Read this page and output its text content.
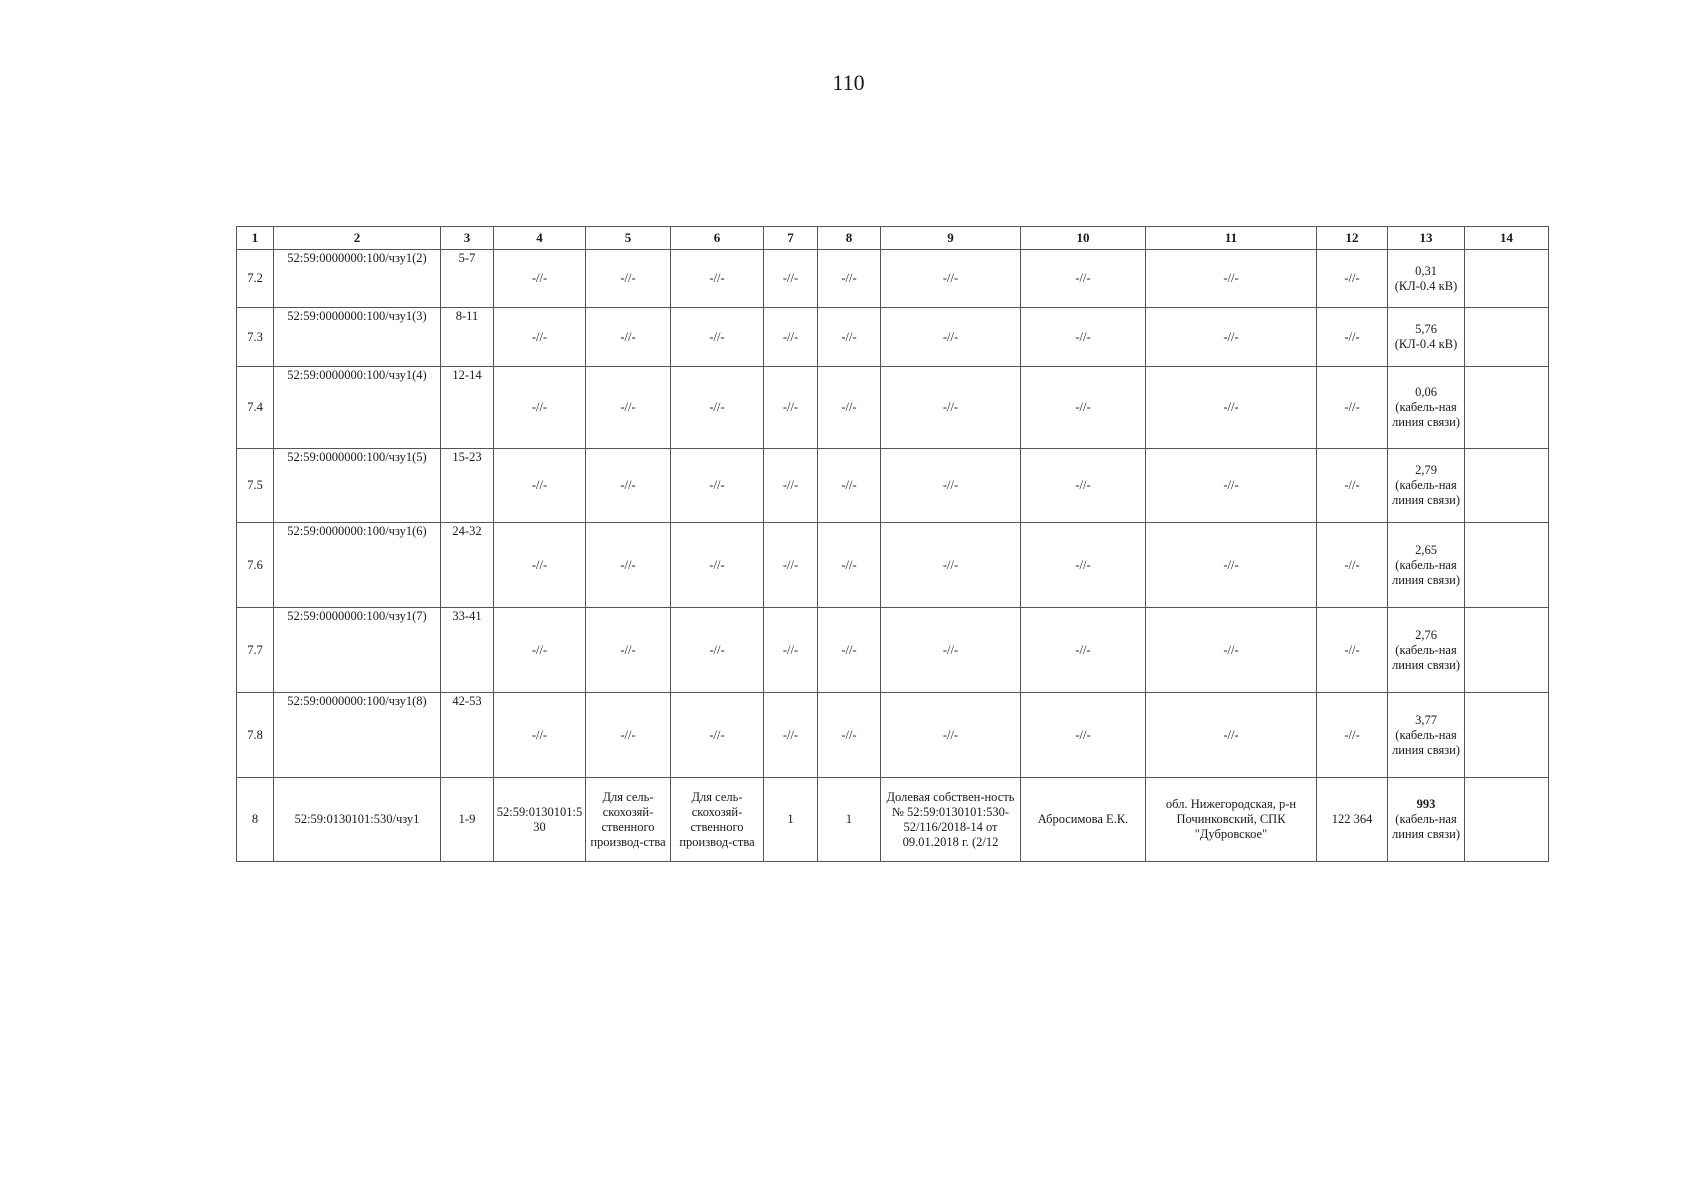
110
1	2	3	4	5	6	7	8	9	10	11	12	13	14
7.2	52:59:0000000:100/чзу1(2)	5-7	-//-	-//-	-//-	-//-	-//-	-//-	-//-	-//-	-//-	0,31
(КЛ-0.4 кВ)	

7.3	52:59:0000000:100/чзу1(3)	8-11	-//-	-//-	-//-	-//-	-//-	-//-	-//-	-//-	-//-	5,76
(КЛ-0.4 кВ)	

7.4	52:59:0000000:100/чзу1(4)	12-14	-//-	-//-	-//-	-//-	-//-	-//-	-//-	-//-	-//-	0,06
(кабель-ная линия связи)	

7.5	52:59:0000000:100/чзу1(5)	15-23	-//-	-//-	-//-	-//-	-//-	-//-	-//-	-//-	-//-	2,79
(кабель-ная линия связи)	

7.6	52:59:0000000:100/чзу1(6)	24-32	-//-	-//-	-//-	-//-	-//-	-//-	-//-	-//-	-//-	2,65
(кабель-ная линия связи)	

7.7	52:59:0000000:100/чзу1(7)	33-41	-//-	-//-	-//-	-//-	-//-	-//-	-//-	-//-	-//-	2,76
(кабель-ная линия связи)	

7.8	52:59:0000000:100/чзу1(8)	42-53	-//-	-//-	-//-	-//-	-//-	-//-	-//-	-//-	-//-	3,77
(кабель-ная линия связи)	

8	52:59:0130101:530/чзу1	1-9	52:59:0130101:530	Для сель-скохозяй-ственного производ-ства	Для сель-скохозяй-ственного производ-ства	1	1	Долевая собствен-ность № 52:59:0130101:530-52/116/2018-14 от 09.01.2018 г. (2/12	Абросимова Е.К.	обл. Нижегородская, р-н Починковский, СПК "Дубровское"	122 364	993
(кабель-ная линия связи)	
